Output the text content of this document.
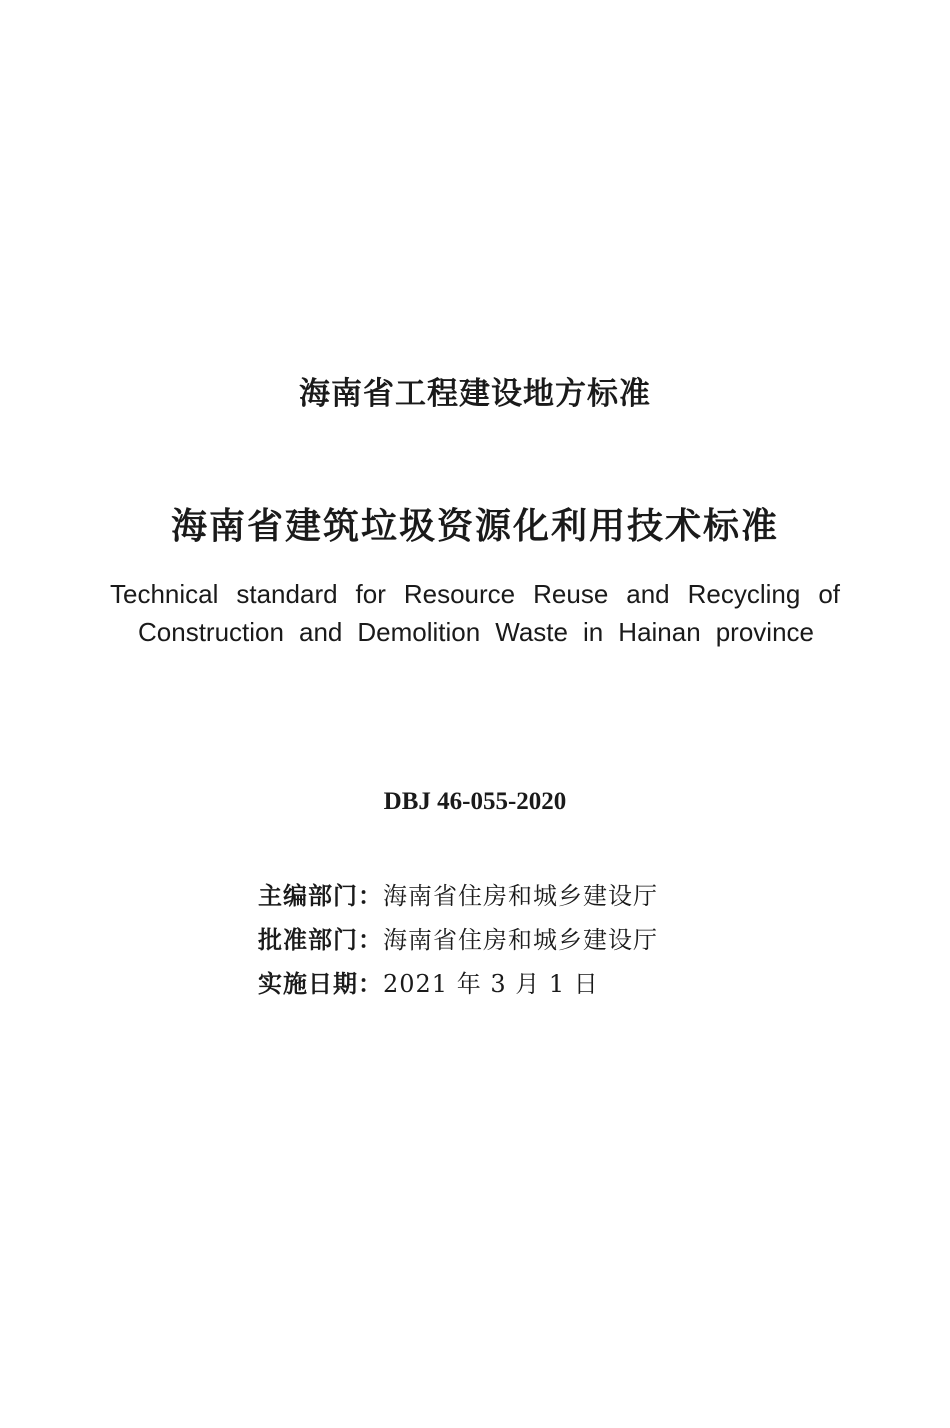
海南省工程建设地方标准
海南省建筑垃圾资源化利用技术标准
Technical standard for Resource Reuse and Recycling of
Construction and Demolition Waste in Hainan province
DBJ 46-055-2020
主编部门： 海南省住房和城乡建设厅
批准部门： 海南省住房和城乡建设厅
实施日期： 2021 年 3 月 1 日
